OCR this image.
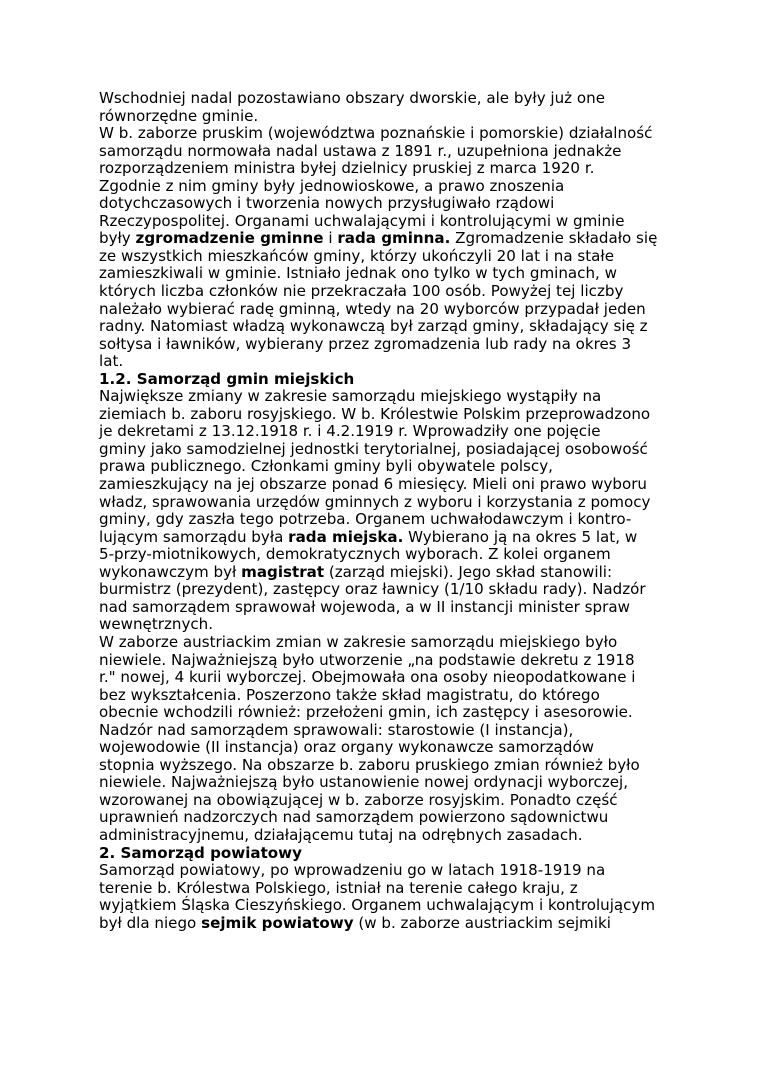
Wschodniej nadal pozostawiano obszary dworskie, ale były już one
równorzędne gminie.
W b. zaborze pruskim (województwa poznańskie i pomorskie) działalność
samorządu normowała nadal ustawa z 1891 r., uzupełniona jednakże
rozporządzeniem ministra byłej dzielnicy pruskiej z marca 1920 r.
Zgodnie z nim gminy były jednowioskowe, a prawo znoszenia
dotychczasowych i tworzenia nowych przysługiwało rządowi
Rzeczypospolitej. Organami uchwalającymi i kontrolującymi w gminie
były zgromadzenie gminne i rada gminna. Zgromadzenie składało się
ze wszystkich mieszkańców gminy, którzy ukończyli 20 lat i na stałe
zamieszkiwali w gminie. Istniało jednak ono tylko w tych gminach, w
których liczba członków nie przekraczała 100 osób. Powyżej tej liczby
należało wybierać radę gminną, wtedy na 20 wyborców przypadał jeden
radny. Natomiast władzą wykonawczą był zarząd gminy, składający się z
sołtysa i ławników, wybierany przez zgromadzenia lub rady na okres 3
lat.
1.2. Samorząd gmin miejskich
Największe zmiany w zakresie samorządu miejskiego wystąpiły na
ziemiach b. zaboru rosyjskiego. W b. Królestwie Polskim przeprowadzono
je dekretami z 13.12.1918 r. i 4.2.1919 r. Wprowadziły one pojęcie
gminy jako samodzielnej jednostki terytorialnej, posiadającej osobowość
prawa publicznego. Członkami gminy byli obywatele polscy,
zamieszkujący na jej obszarze ponad 6 miesięcy. Mieli oni prawo wyboru
władz, sprawowania urzędów gminnych z wyboru i korzystania z pomocy
gminy, gdy zaszła tego potrzeba. Organem uchwałodawczym i kontro-
lującym samorządu była rada miejska. Wybierano ją na okres 5 lat, w
5-przy-miotnikowych, demokratycznych wyborach. Z kolei organem
wykonawczym był magistrat (zarząd miejski). Jego skład stanowili:
burmistrz (prezydent), zastępcy oraz ławnicy (1/10 składu rady). Nadzór
nad samorządem sprawował wojewoda, a w II instancji minister spraw
wewnętrznych.
W zaborze austriackim zmian w zakresie samorządu miejskiego było
niewiele. Najważniejszą było utworzenie „na podstawie dekretu z 1918
r." nowej, 4 kurii wyborczej. Obejmowała ona osoby nieopodatkowane i
bez wykształcenia. Poszerzono także skład magistratu, do którego
obecnie wchodzili również: przełożeni gmin, ich zastępcy i asesorowie.
Nadzór nad samorządem sprawowali: starostowie (I instancja),
wojewodowie (II instancja) oraz organy wykonawcze samorządów
stopnia wyższego. Na obszarze b. zaboru pruskiego zmian również było
niewiele. Najważniejszą było ustanowienie nowej ordynacji wyborczej,
wzorowanej na obowiązującej w b. zaborze rosyjskim. Ponadto część
uprawnień nadzorczych nad samorządem powierzono sądownictwu
administracyjnemu, działającemu tutaj na odrębnych zasadach.
2. Samorząd powiatowy
Samorząd powiatowy, po wprowadzeniu go w latach 1918-1919 na
terenie b. Królestwa Polskiego, istniał na terenie całego kraju, z
wyjątkiem Śląska Cieszyńskiego. Organem uchwalającym i kontrolującym
był dla niego sejmik powiatowy (w b. zaborze austriackim sejmiki
